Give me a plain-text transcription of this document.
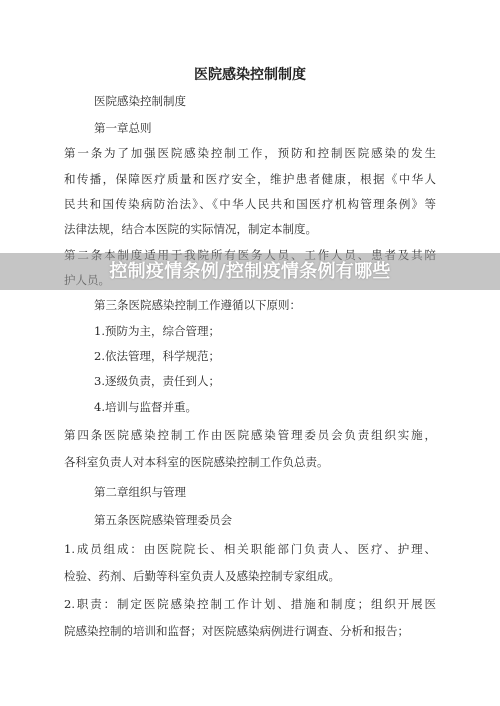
医院感染控制制度
医院感染控制制度
第一章总则
第一条为了加强医院感染控制工作，预防和控制医院感染的发生
和传播，保障医疗质量和医疗安全，维护患者健康，根据《中华人
民共和国传染病防治法》、《中华人民共和国医疗机构管理条例》等
法律法规，结合本医院的实际情况，制定本制度。
第三条医院感染控制工作遵循以下原则：
1.预防为主，综合管理；
2.依法管理，科学规范；
3.逐级负责，责任到人；
4.培训与监督并重。
第四条医院感染控制工作由医院感染管理委员会负责组织实施，
各科室负责人对本科室的医院感染控制工作负总责。
第二章组织与管理
第五条医院感染管理委员会
1.成员组成：由医院院长、相关职能部门负责人、医疗、护理、
检验、药剂、后勤等科室负责人及感染控制专家组成。
2.职责：制定医院感染控制工作计划、措施和制度；组织开展医
院感染控制的培训和监督；对医院感染病例进行调查、分析和报告；
控制疫情条例/控制疫情条例有哪些
